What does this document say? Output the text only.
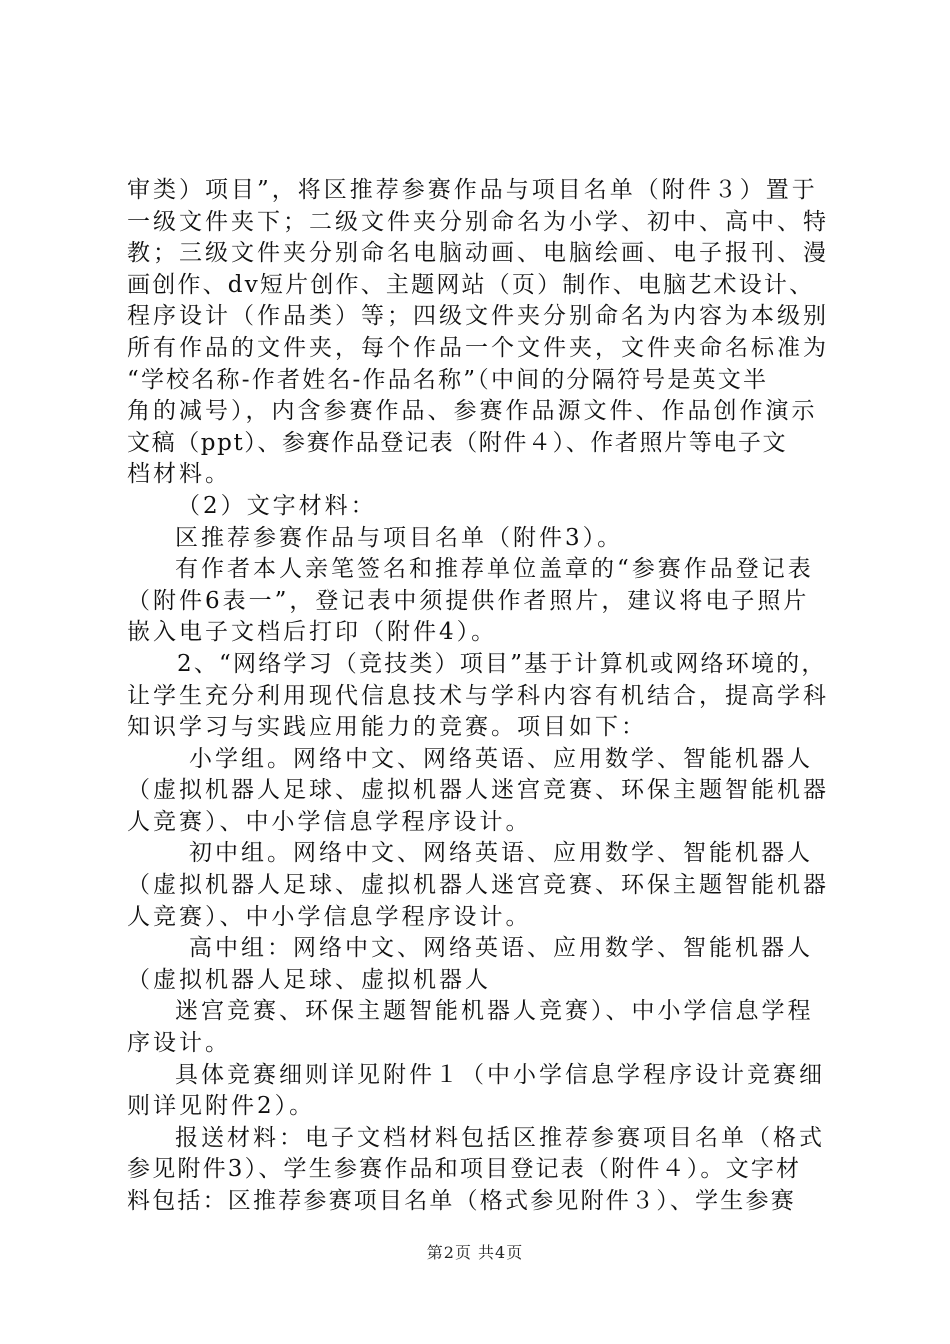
审类）项目”，将区推荐参赛作品与项目名单（附件３）置于
一级文件夹下；二级文件夹分别命名为小学、初中、高中、特
教；三级文件夹分别命名电脑动画、电脑绘画、电子报刊、漫
画创作、dv短片创作、主题网站（页）制作、电脑艺术设计、
程序设计（作品类）等；四级文件夹分别命名为内容为本级别
所有作品的文件夹，每个作品一个文件夹，文件夹命名标准为
“学校名称-作者姓名-作品名称”（中间的分隔符号是英文半
角的减号），内含参赛作品、参赛作品源文件、作品创作演示
文稿（ppt）、参赛作品登记表（附件４）、作者照片等电子文
档材料。
（2）文字材料：
区推荐参赛作品与项目名单（附件3）。
有作者本人亲笔签名和推荐单位盖章的“参赛作品登记表
（附件6表一”，登记表中须提供作者照片，建议将电子照片
嵌入电子文档后打印（附件4）。
2、“网络学习（竞技类）项目”基于计算机或网络环境的，
让学生充分利用现代信息技术与学科内容有机结合，提高学科
知识学习与实践应用能力的竞赛。项目如下：
小学组。网络中文、网络英语、应用数学、智能机器人
（虚拟机器人足球、虚拟机器人迷宫竞赛、环保主题智能机器
人竞赛）、中小学信息学程序设计。
初中组。网络中文、网络英语、应用数学、智能机器人
（虚拟机器人足球、虚拟机器人迷宫竞赛、环保主题智能机器
人竞赛）、中小学信息学程序设计。
高中组：网络中文、网络英语、应用数学、智能机器人
（虚拟机器人足球、虚拟机器人
迷宫竞赛、环保主题智能机器人竞赛）、中小学信息学程
序设计。
具体竞赛细则详见附件１（中小学信息学程序设计竞赛细
则详见附件2）。
报送材料：电子文档材料包括区推荐参赛项目名单（格式
参见附件3）、学生参赛作品和项目登记表（附件４）。文字材
料包括：区推荐参赛项目名单（格式参见附件３）、学生参赛
第2页 共4页
